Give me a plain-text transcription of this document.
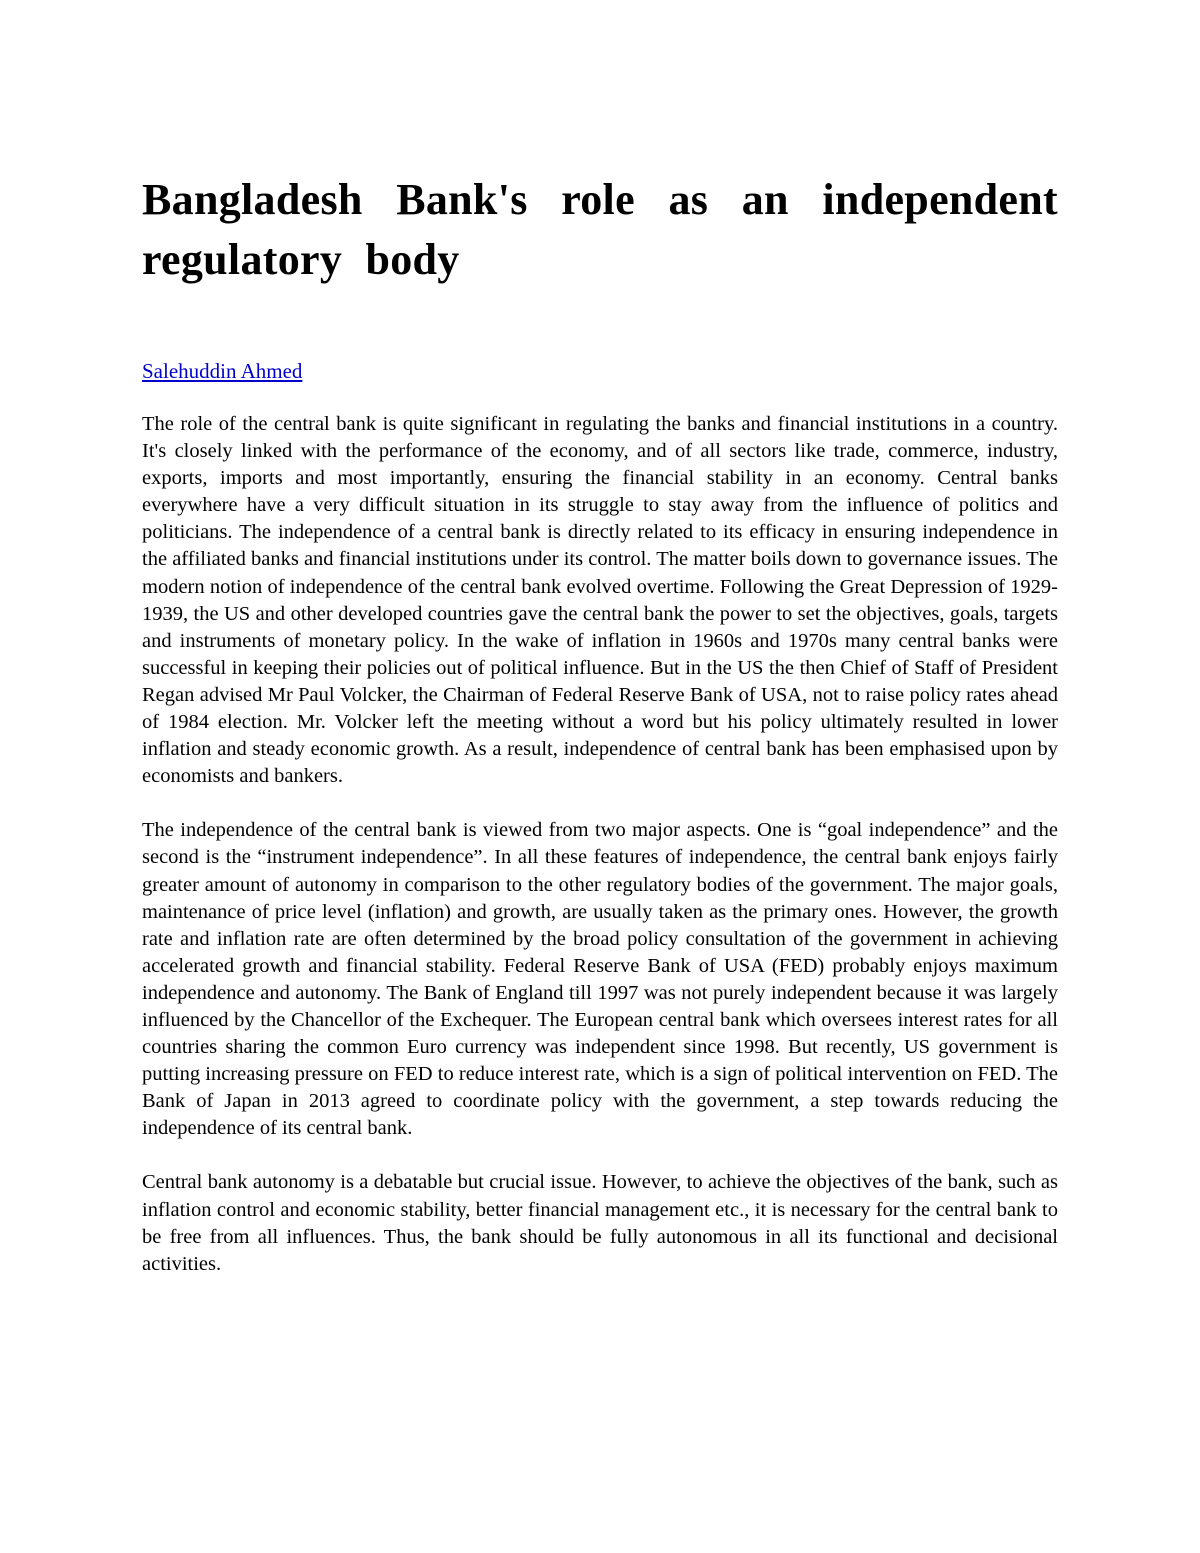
Bangladesh Bank's role as an independent regulatory body
Salehuddin Ahmed

The role of the central bank is quite significant in regulating the banks and financial institutions in a country. It's closely linked with the performance of the economy, and of all sectors like trade, commerce, industry, exports, imports and most importantly, ensuring the financial stability in an economy. Central banks everywhere have a very difficult situation in its struggle to stay away from the influence of politics and politicians. The independence of a central bank is directly related to its efficacy in ensuring independence in the affiliated banks and financial institutions under its control. The matter boils down to governance issues. The modern notion of independence of the central bank evolved overtime. Following the Great Depression of 1929-1939, the US and other developed countries gave the central bank the power to set the objectives, goals, targets and instruments of monetary policy. In the wake of inflation in 1960s and 1970s many central banks were successful in keeping their policies out of political influence. But in the US the then Chief of Staff of President Regan advised Mr Paul Volcker, the Chairman of Federal Reserve Bank of USA, not to raise policy rates ahead of 1984 election. Mr. Volcker left the meeting without a word but his policy ultimately resulted in lower inflation and steady economic growth. As a result, independence of central bank has been emphasised upon by economists and bankers.

The independence of the central bank is viewed from two major aspects. One is “goal independence” and the second is the “instrument independence”. In all these features of independence, the central bank enjoys fairly greater amount of autonomy in comparison to the other regulatory bodies of the government. The major goals, maintenance of price level (inflation) and growth, are usually taken as the primary ones. However, the growth rate and inflation rate are often determined by the broad policy consultation of the government in achieving accelerated growth and financial stability. Federal Reserve Bank of USA (FED) probably enjoys maximum independence and autonomy. The Bank of England till 1997 was not purely independent because it was largely influenced by the Chancellor of the Exchequer. The European central bank which oversees interest rates for all countries sharing the common Euro currency was independent since 1998. But recently, US government is putting increasing pressure on FED to reduce interest rate, which is a sign of political intervention on FED. The Bank of Japan in 2013 agreed to coordinate policy with the government, a step towards reducing the independence of its central bank.

Central bank autonomy is a debatable but crucial issue. However, to achieve the objectives of the bank, such as inflation control and economic stability, better financial management etc., it is necessary for the central bank to be free from all influences. Thus, the bank should be fully autonomous in all its functional and decisional activities.
